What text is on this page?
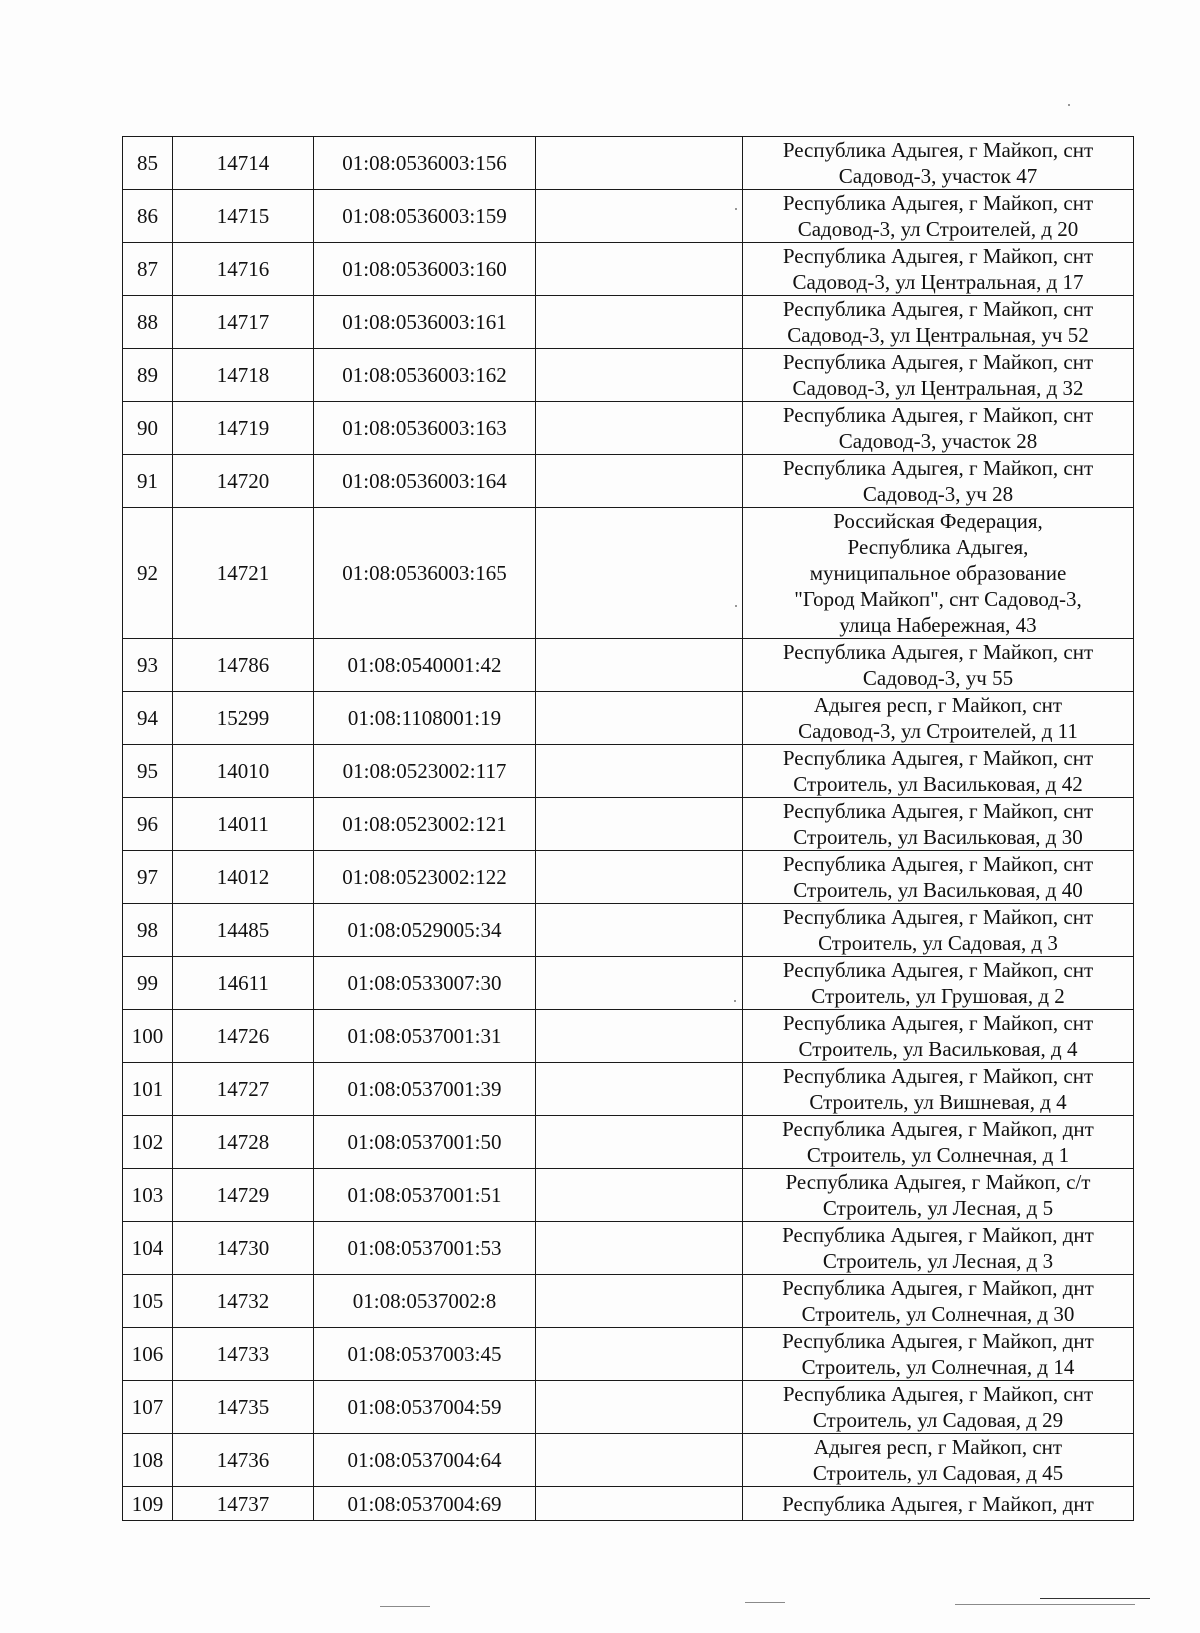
85	14714	01:08:0536003:156		Республика Адыгея, г Майкоп, снт
Садовод-3, участок 47

86	14715	01:08:0536003:159		Республика Адыгея, г Майкоп, снт
Садовод-3, ул Строителей, д 20

87	14716	01:08:0536003:160		Республика Адыгея, г Майкоп, снт
Садовод-3, ул Центральная, д 17

88	14717	01:08:0536003:161		Республика Адыгея, г Майкоп, снт
Садовод-3, ул Центральная, уч 52

89	14718	01:08:0536003:162		Республика Адыгея, г Майкоп, снт
Садовод-3, ул Центральная, д 32

90	14719	01:08:0536003:163		Республика Адыгея, г Майкоп, снт
Садовод-3, участок 28

91	14720	01:08:0536003:164		Республика Адыгея, г Майкоп, снт
Садовод-3, уч 28

92	14721	01:08:0536003:165		Российская Федерация,
Республика Адыгея,
муниципальное образование
"Город Майкоп", снт Садовод-3,
улица Набережная, 43

93	14786	01:08:0540001:42		Республика Адыгея, г Майкоп, снт
Садовод-3, уч 55

94	15299	01:08:1108001:19		Адыгея респ, г Майкоп, снт
Садовод-3, ул Строителей, д 11

95	14010	01:08:0523002:117		Республика Адыгея, г Майкоп, снт
Строитель, ул Васильковая, д 42

96	14011	01:08:0523002:121		Республика Адыгея, г Майкоп, снт
Строитель, ул Васильковая, д 30

97	14012	01:08:0523002:122		Республика Адыгея, г Майкоп, снт
Строитель, ул Васильковая, д 40

98	14485	01:08:0529005:34		Республика Адыгея, г Майкоп, снт
Строитель, ул Садовая, д 3

99	14611	01:08:0533007:30		Республика Адыгея, г Майкоп, снт
Строитель, ул Грушовая, д 2

100	14726	01:08:0537001:31		Республика Адыгея, г Майкоп, снт
Строитель, ул Васильковая, д 4

101	14727	01:08:0537001:39		Республика Адыгея, г Майкоп, снт
Строитель, ул Вишневая, д 4

102	14728	01:08:0537001:50		Республика Адыгея, г Майкоп, днт
Строитель, ул Солнечная, д 1

103	14729	01:08:0537001:51		Республика Адыгея, г Майкоп, с/т
Строитель, ул Лесная, д 5

104	14730	01:08:0537001:53		Республика Адыгея, г Майкоп, днт
Строитель, ул Лесная, д 3

105	14732	01:08:0537002:8		Республика Адыгея, г Майкоп, днт
Строитель, ул Солнечная, д 30

106	14733	01:08:0537003:45		Республика Адыгея, г Майкоп, днт
Строитель, ул Солнечная, д 14

107	14735	01:08:0537004:59		Республика Адыгея, г Майкоп, снт
Строитель, ул Садовая, д 29

108	14736	01:08:0537004:64		Адыгея респ, г Майкоп, снт
Строитель, ул Садовая, д 45

109	14737	01:08:0537004:69		Республика Адыгея, г Майкоп, днт
